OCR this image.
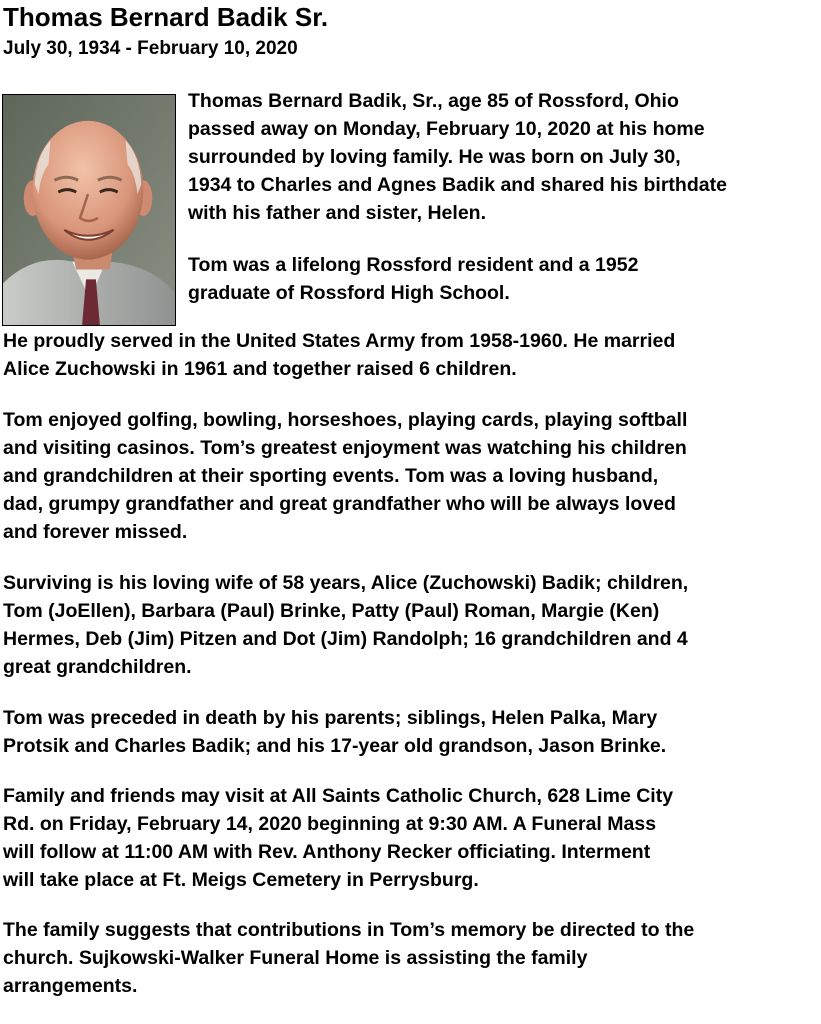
Thomas Bernard Badik Sr.
July 30, 1934 - February 10, 2020

Thomas Bernard Badik, Sr., age 85 of Rossford, Ohio
passed away on Monday, February 10, 2020 at his home
surrounded by loving family. He was born on July 30,
1934 to Charles and Agnes Badik and shared his birthdate
with his father and sister, Helen.

Tom was a lifelong Rossford resident and a 1952
graduate of Rossford High School.

He proudly served in the United States Army from 1958-1960. He married
Alice Zuchowski in 1961 and together raised 6 children.

Tom enjoyed golfing, bowling, horseshoes, playing cards, playing softball
and visiting casinos. Tom’s greatest enjoyment was watching his children
and grandchildren at their sporting events. Tom was a loving husband,
dad, grumpy grandfather and great grandfather who will be always loved
and forever missed.

Surviving is his loving wife of 58 years, Alice (Zuchowski) Badik; children,
Tom (JoEllen), Barbara (Paul) Brinke, Patty (Paul) Roman, Margie (Ken)
Hermes, Deb (Jim) Pitzen and Dot (Jim) Randolph; 16 grandchildren and 4
great grandchildren.

Tom was preceded in death by his parents; siblings, Helen Palka, Mary
Protsik and Charles Badik; and his 17-year old grandson, Jason Brinke.

Family and friends may visit at All Saints Catholic Church, 628 Lime City
Rd. on Friday, February 14, 2020 beginning at 9:30 AM. A Funeral Mass
will follow at 11:00 AM with Rev. Anthony Recker officiating. Interment
will take place at Ft. Meigs Cemetery in Perrysburg.

The family suggests that contributions in Tom’s memory be directed to the
church. Sujkowski-Walker Funeral Home is assisting the family
arrangements.
